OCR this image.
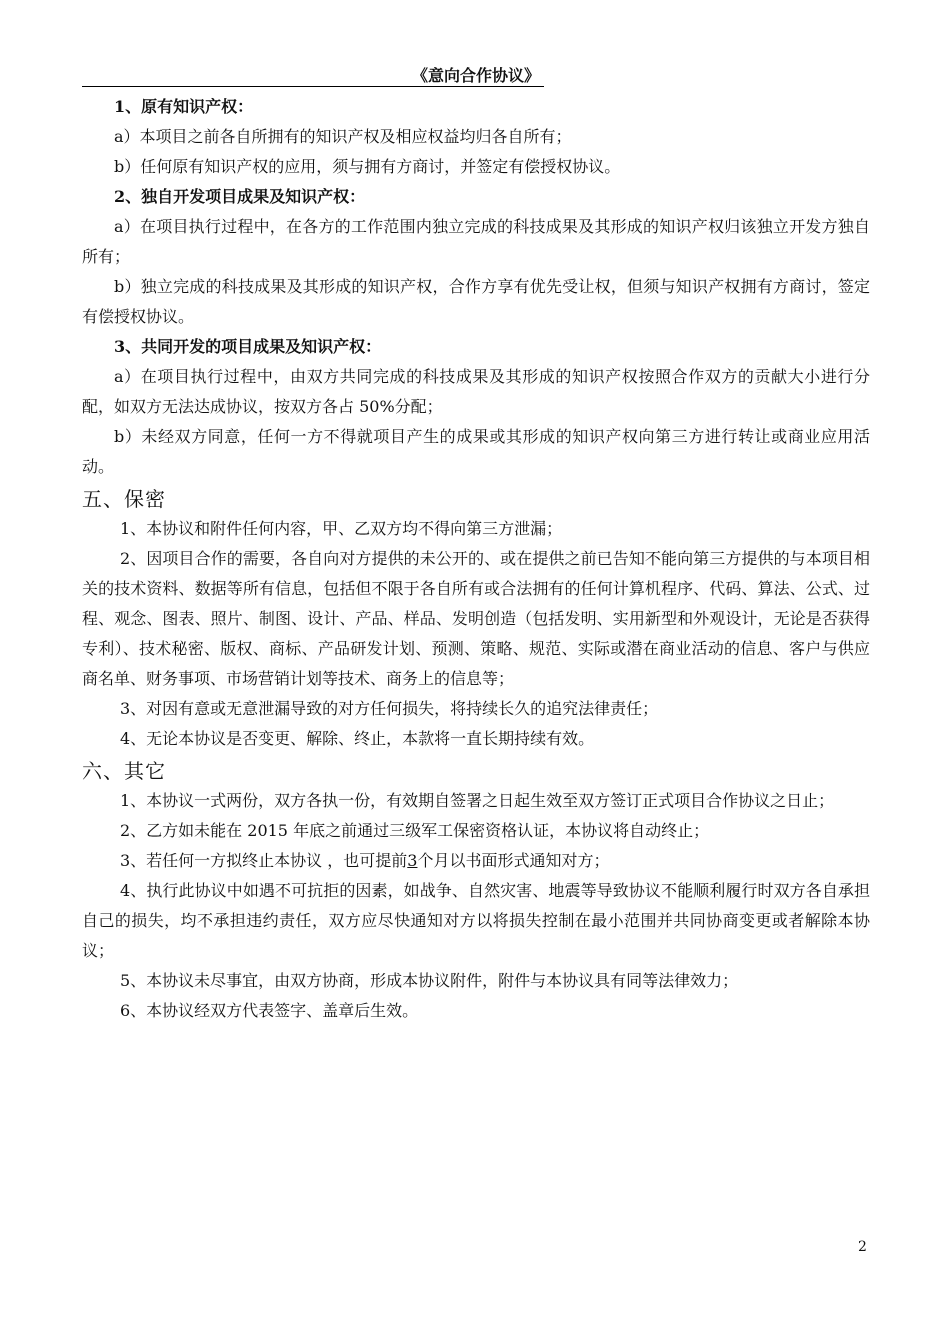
《意向合作协议》

1、原有知识产权：

a）本项目之前各自所拥有的知识产权及相应权益均归各自所有；

b）任何原有知识产权的应用，须与拥有方商讨，并签定有偿授权协议。

2、独自开发项目成果及知识产权：

a）在项目执行过程中，在各方的工作范围内独立完成的科技成果及其形成的知识产权归该独立开发方独自所有；

b）独立完成的科技成果及其形成的知识产权，合作方享有优先受让权，但须与知识产权拥有方商讨，签定有偿授权协议。

3、共同开发的项目成果及知识产权：

a）在项目执行过程中，由双方共同完成的科技成果及其形成的知识产权按照合作双方的贡献大小进行分配，如双方无法达成协议，按双方各占 50%分配；

b）未经双方同意，任何一方不得就项目产生的成果或其形成的知识产权向第三方进行转让或商业应用活动。

五、保密

1、本协议和附件任何内容，甲、乙双方均不得向第三方泄漏；

2、因项目合作的需要，各自向对方提供的未公开的、或在提供之前已告知不能向第三方提供的与本项目相关的技术资料、数据等所有信息，包括但不限于各自所有或合法拥有的任何计算机程序、代码、算法、公式、过程、观念、图表、照片、制图、设计、产品、样品、发明创造（包括发明、实用新型和外观设计，无论是否获得专利）、技术秘密、版权、商标、产品研发计划、预测、策略、规范、实际或潜在商业活动的信息、客户与供应商名单、财务事项、市场营销计划等技术、商务上的信息等；

3、对因有意或无意泄漏导致的对方任何损失，将持续长久的追究法律责任；

4、无论本协议是否变更、解除、终止，本款将一直长期持续有效。

六、其它

1、本协议一式两份，双方各执一份，有效期自签署之日起生效至双方签订正式项目合作协议之日止；

2、乙方如未能在 2015 年底之前通过三级军工保密资格认证，本协议将自动终止；

3、若任何一方拟终止本协议 ，也可提前3个月以书面形式通知对方；

4、执行此协议中如遇不可抗拒的因素，如战争、自然灾害、地震等导致协议不能顺利履行时双方各自承担自己的损失，均不承担违约责任，双方应尽快通知对方以将损失控制在最小范围并共同协商变更或者解除本协议；

5、本协议未尽事宜，由双方协商，形成本协议附件，附件与本协议具有同等法律效力；

6、本协议经双方代表签字、盖章后生效。

2
